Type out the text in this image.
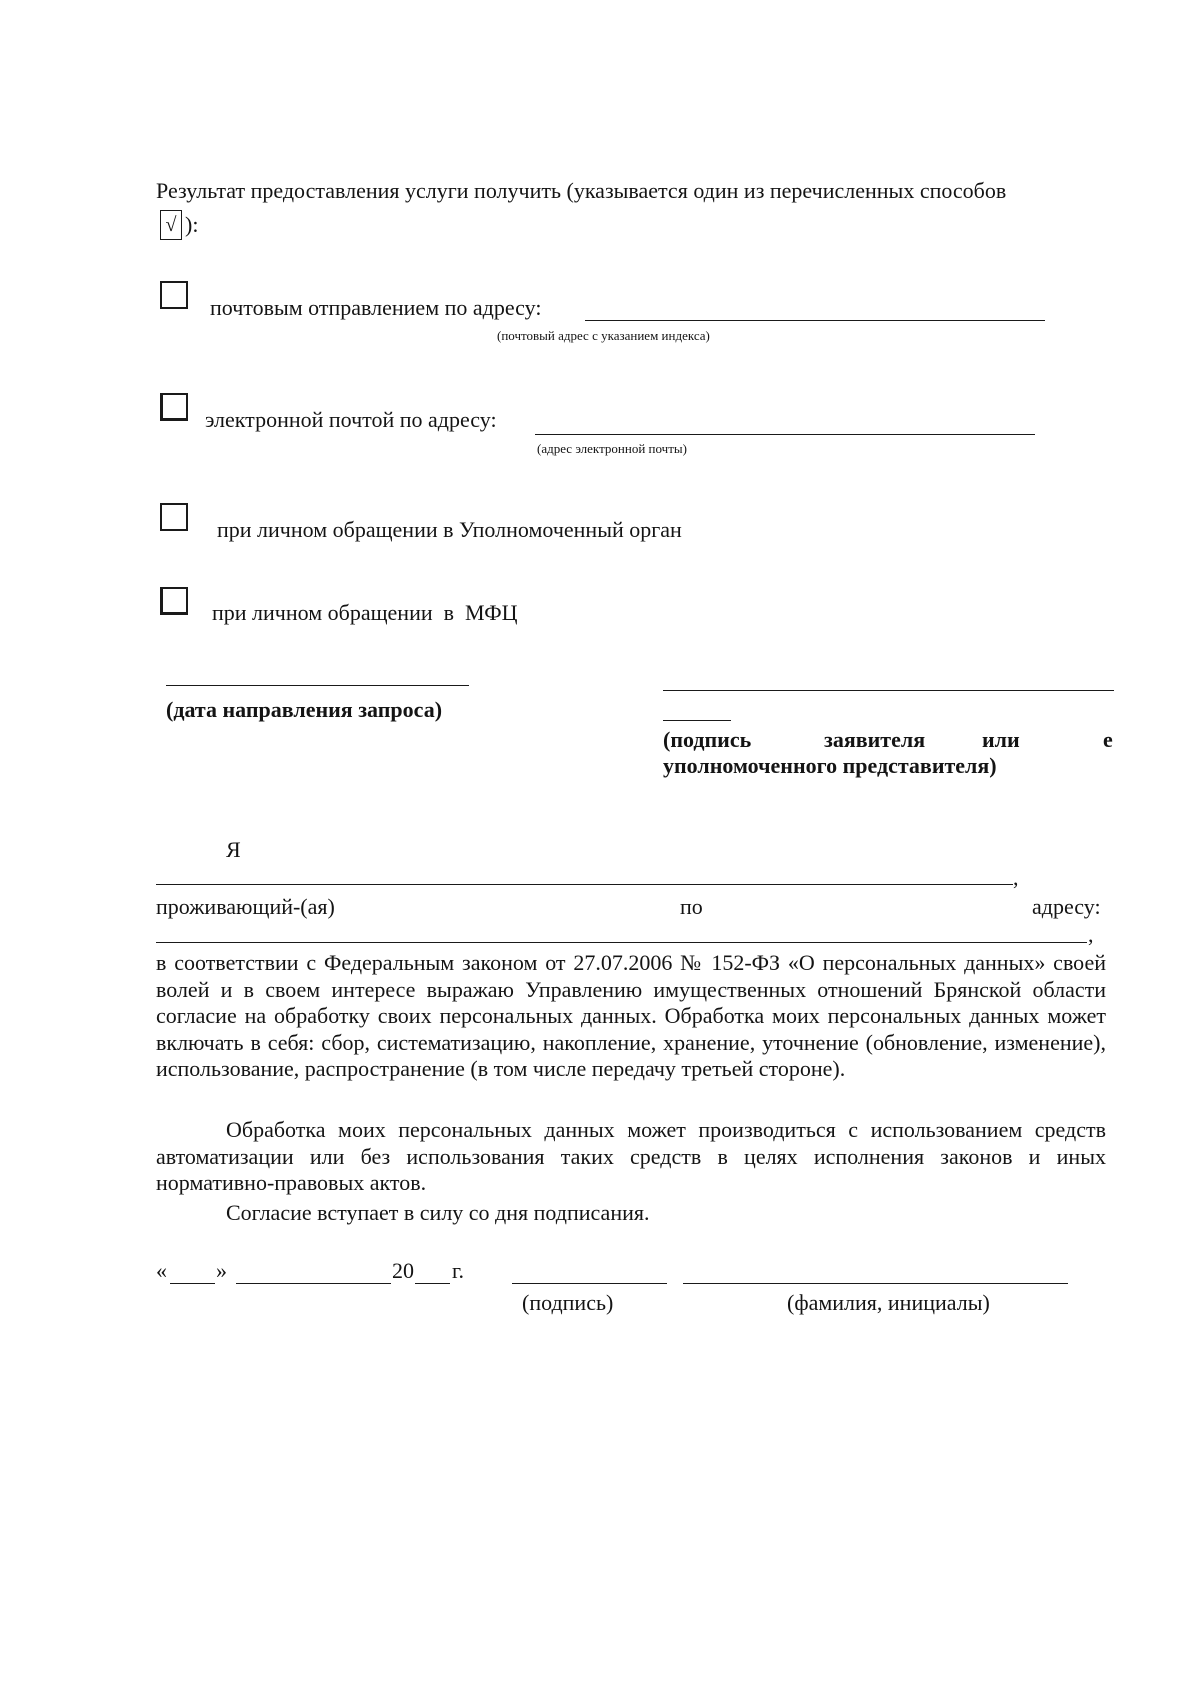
Результат предоставления услуги получить (указывается один из перечисленных способов
√ ):
почтовым отправлением по адресу:
(почтовый адрес с указанием индекса)
электронной почтой по адресу:
(адрес электронной почты)
при личном обращении в Уполномоченный орган
при личном обращении  в  МФЦ
(дата направления запроса)
(подпись	заявителя	или	е
уполномоченного представителя)
Я
,
проживающий-(ая)	по	адресу:
,
в соответствии с Федеральным законом от 27.07.2006 № 152-ФЗ «О персональных данных» своей волей и в своем интересе выражаю Управлению имущественных отношений Брянской области согласие на обработку своих персональных данных. Обработка моих персональных данных может включать в себя: сбор, систематизацию, накопление, хранение, уточнение (обновление, изменение), использование, распространение (в том числе передачу третьей стороне).
Обработка моих персональных данных может производиться с использованием средств автоматизации или без использования таких средств в целях исполнения законов и иных нормативно-правовых актов.
Согласие вступает в силу со дня подписания.
« »	20 г.
(подпись)	(фамилия, инициалы)
